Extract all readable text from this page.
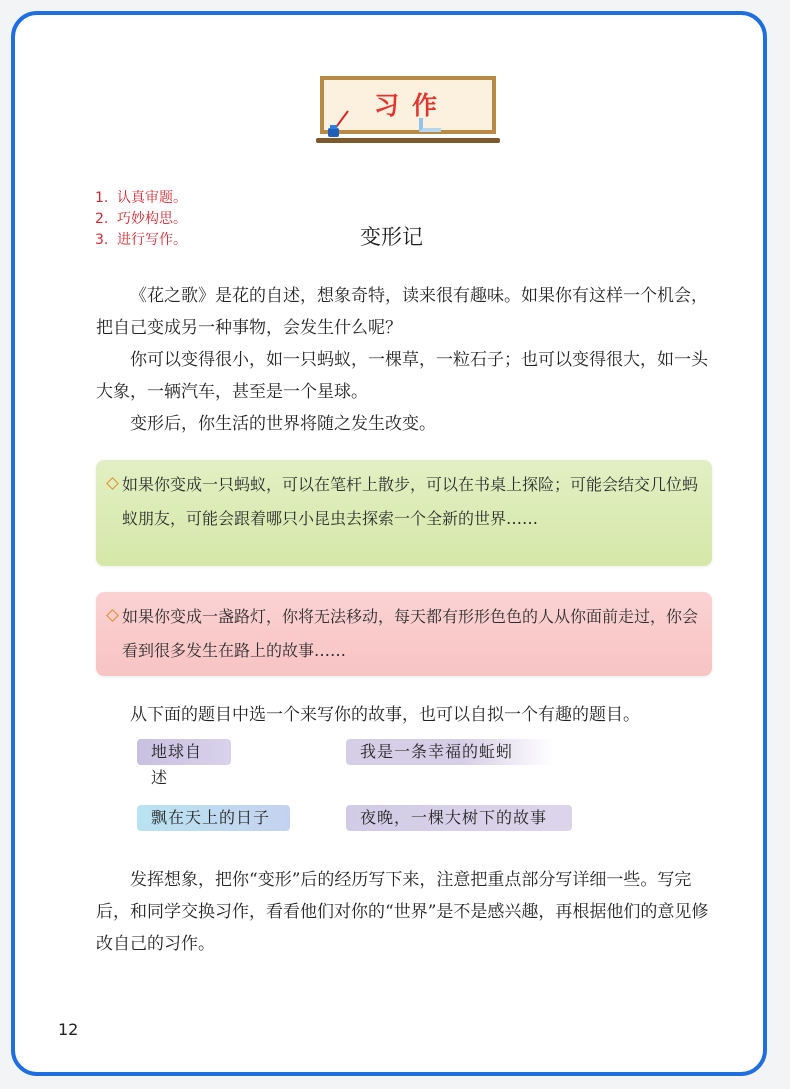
习作
1. 认真审题。
2. 巧妙构思。
3. 进行写作。	变形记

《花之歌》是花的自述，想象奇特，读来很有趣味。如果你有这样一个机会，把自己变成另一种事物，会发生什么呢？

你可以变得很小，如一只蚂蚁，一棵草，一粒石子；也可以变得很大，如一头大象，一辆汽车，甚至是一个星球。

变形后，你生活的世界将随之发生改变。

如果你变成一只蚂蚁，可以在笔杆上散步，可以在书桌上探险；可能会结交几位蚂蚁朋友，可能会跟着哪只小昆虫去探索一个全新的世界……
如果你变成一盏路灯，你将无法移动，每天都有形形色色的人从你面前走过，你会看到很多发生在路上的故事……

从下面的题目中选一个来写你的故事，也可以自拟一个有趣的题目。

地球自述
我是一条幸福的蚯蚓
飘在天上的日子	夜晚，一棵大树下的故事

发挥想象，把你“变形”后的经历写下来，注意把重点部分写详细一些。写完后，和同学交换习作，看看他们对你的“世界”是不是感兴趣，再根据他们的意见修改自己的习作。

12
